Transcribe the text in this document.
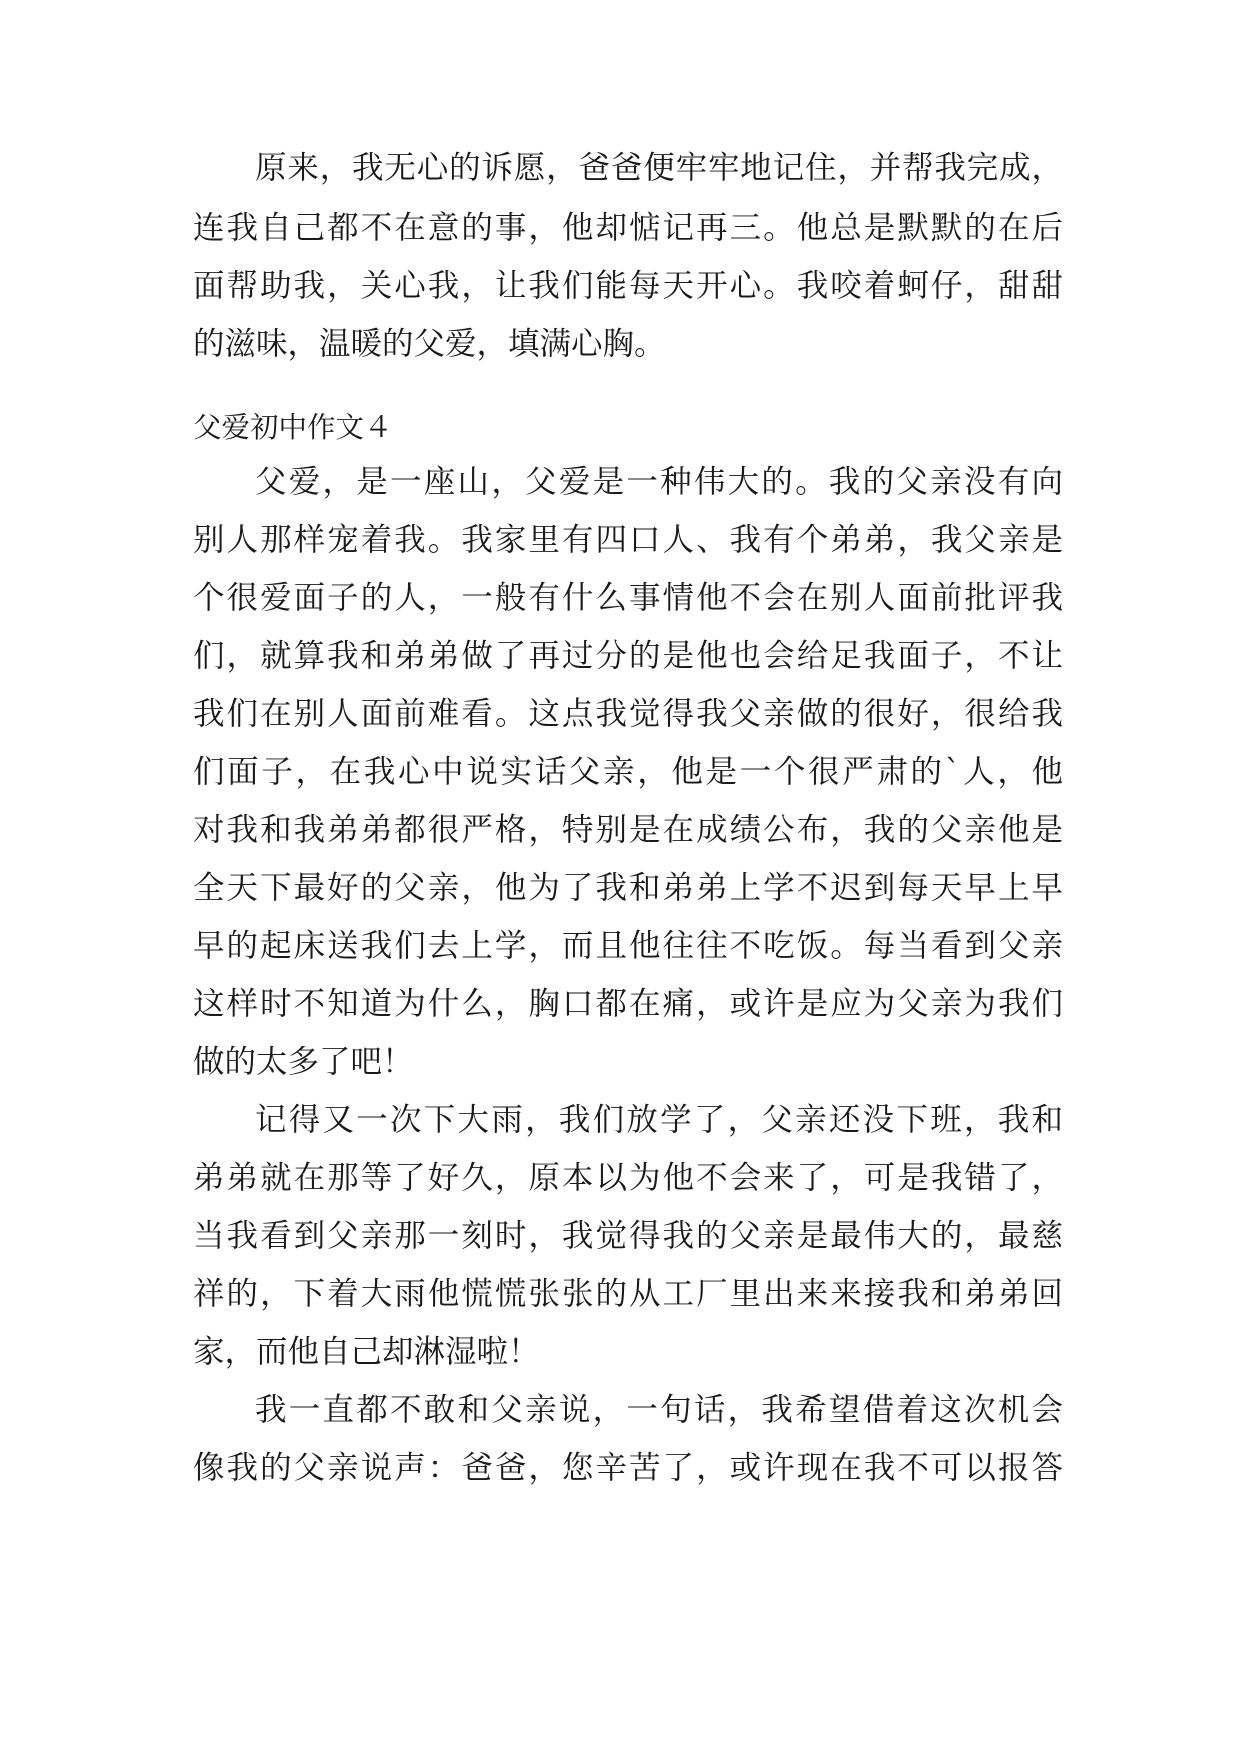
原来，我无心的诉愿，爸爸便牢牢地记住，并帮我完成，

连我自己都不在意的事，他却惦记再三。他总是默默的在后

面帮助我，关心我，让我们能每天开心。我咬着蚵仔，甜甜

的滋味，温暖的父爱，填满心胸。

父爱初中作文４

父爱，是一座山，父爱是一种伟大的。我的父亲没有向

别人那样宠着我。我家里有四口人、我有个弟弟，我父亲是

个很爱面子的人，一般有什么事情他不会在别人面前批评我

们，就算我和弟弟做了再过分的是他也会给足我面子，不让

我们在别人面前难看。这点我觉得我父亲做的很好，很给我

们面子，在我心中说实话父亲，他是一个很严肃的`人，他

对我和我弟弟都很严格，特别是在成绩公布，我的父亲他是

全天下最好的父亲，他为了我和弟弟上学不迟到每天早上早

早的起床送我们去上学，而且他往往不吃饭。每当看到父亲

这样时不知道为什么，胸口都在痛，或许是应为父亲为我们

做的太多了吧！

记得又一次下大雨，我们放学了，父亲还没下班，我和

弟弟就在那等了好久，原本以为他不会来了，可是我错了，

当我看到父亲那一刻时，我觉得我的父亲是最伟大的，最慈

祥的，下着大雨他慌慌张张的从工厂里出来来接我和弟弟回

家，而他自己却淋湿啦！

我一直都不敢和父亲说，一句话，我希望借着这次机会

像我的父亲说声：爸爸，您辛苦了，或许现在我不可以报答
